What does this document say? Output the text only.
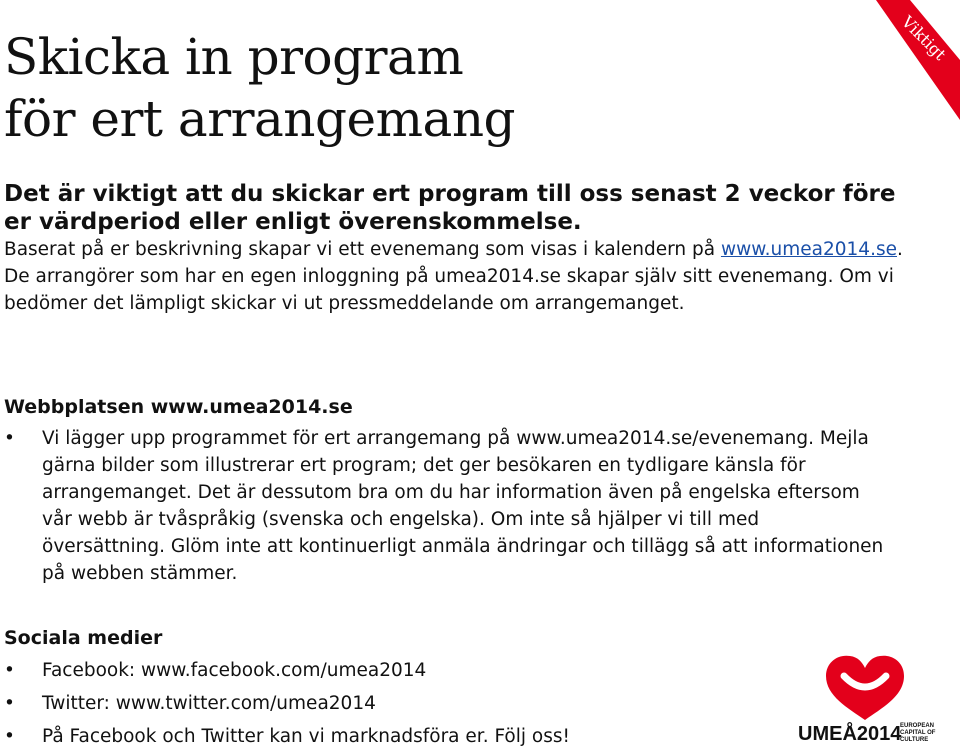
Skicka in program
för ert arrangemang
Viktigt

Det är viktigt att du skickar ert program till oss senast 2 veckor före er värdperiod eller enligt överenskommelse.

Baserat på er beskrivning skapar vi ett evenemang som visas i kalendern på www.umea2014.se. De arrangörer som har en egen inloggning på umea2014.se skapar själv sitt evenemang. Om vi bedömer det lämpligt skickar vi ut pressmeddelande om arrangemanget.

Webbplatsen www.umea2014.se
• Vi lägger upp programmet för ert arrangemang på www.umea2014.se/evenemang. Mejla gärna bilder som illustrerar ert program; det ger besökaren en tydligare känsla för arrangemanget. Det är dessutom bra om du har information även på engelska eftersom vår webb är tvåspråkig (svenska och engelska). Om inte så hjälper vi till med översättning. Glöm inte att kontinuerligt anmäla ändringar och tillägg så att informationen på webben stämmer.
Sociala medier
• Facebook: www.facebook.com/umea2014
• Twitter: www.twitter.com/umea2014
• På Facebook och Twitter kan vi marknadsföra er. Följ oss!	UMEÅ2014
EUROPEAN
CAPITAL OF
CULTURE
